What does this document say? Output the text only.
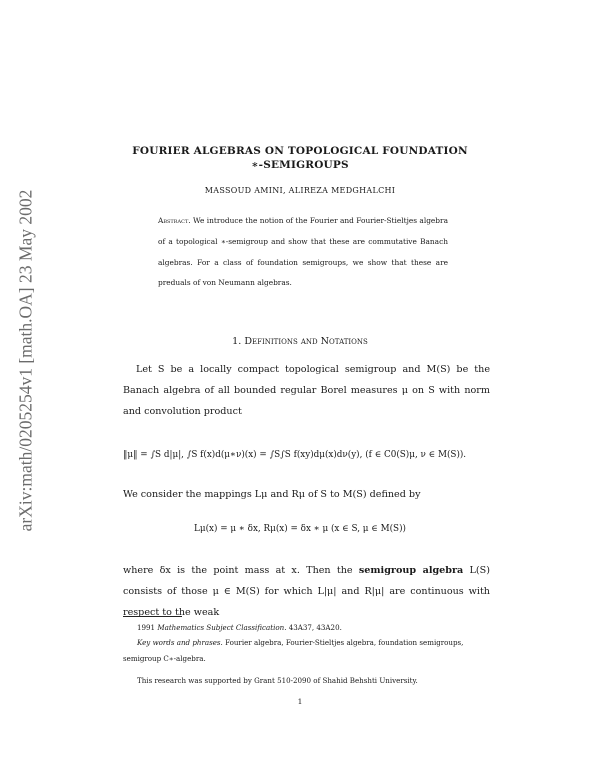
arXiv:math/0205254v1 [math.OA] 23 May 2002
FOURIER ALGEBRAS ON TOPOLOGICAL FOUNDATION
∗-SEMIGROUPS
MASSOUD AMINI, ALIREZA MEDGHALCHI
Abstract. We introduce the notion of the Fourier and Fourier-Stieltjes algebra of a topological ∗-semigroup and show that these are commutative Banach algebras. For a class of foundation semigroups, we show that these are preduals of von Neumann algebras.
1. Definitions and Notations
Let S be a locally compact topological semigroup and M(S) be the Banach algebra of all bounded regular Borel measures μ on S with norm and convolution product
‖μ‖ = ∫S d|μ|, ∫S f(x)d(μ∗ν)(x) = ∫S∫S f(xy)dμ(x)dν(y), (f ∈ C0(S)μ, ν ∈ M(S)).
We consider the mappings Lμ and Rμ of S to M(S) defined by
Lμ(x) = μ ∗ δx, Rμ(x) = δx ∗ μ (x ∈ S, μ ∈ M(S))
where δx is the point mass at x. Then the semigroup algebra L(S) consists of those μ ∈ M(S) for which L|μ| and R|μ| are continuous with respect to the weak

1991 Mathematics Subject Classification. 43A37, 43A20.

Key words and phrases. Fourier algebra, Fourier-Stieltjes algebra, foundation semigroups, semigroup C∗-algebra.

This research was supported by Grant 510-2090 of Shahid Behshti University.

1
